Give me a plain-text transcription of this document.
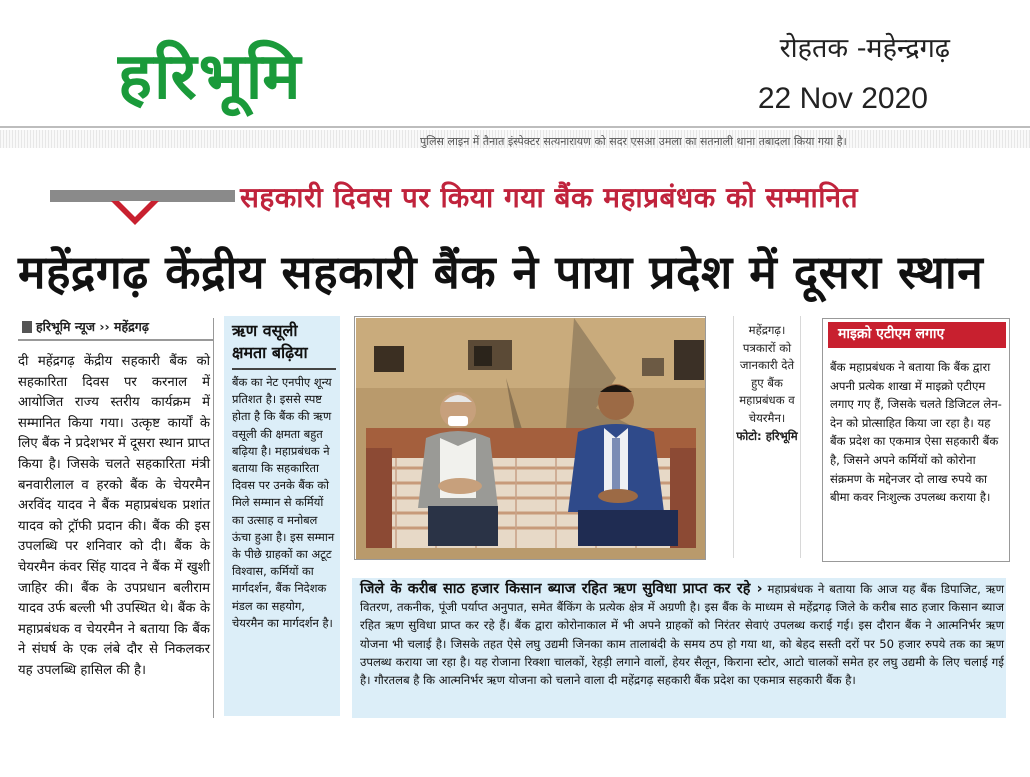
हरिभूमि	रोहतक -महेन्द्रगढ़
22 Nov 2020
पुलिस लाइन में तैनात इंस्पेक्टर सत्यनारायण को सदर एसआ उमला का सतनाली थाना तबादला किया गया है।
सहकारी दिवस पर किया गया बैंक महाप्रबंधक को सम्मानित
महेंद्रगढ़ केंद्रीय सहकारी बैंक ने पाया प्रदेश में दूसरा स्थान
हरिभूमि न्यूज ›› महेंद्रगढ़
दी महेंद्रगढ़ केंद्रीय सहकारी बैंक को सहकारिता दिवस पर करनाल में आयोजित राज्य स्तरीय कार्यक्रम में सम्मानित किया गया। उत्कृष्ट कार्यों के लिए बैंक ने प्रदेशभर में दूसरा स्थान प्राप्त किया है। जिसके चलते सहकारिता मंत्री बनवारीलाल व हरको बैंक के चेयरमैन अरविंद यादव ने बैंक महाप्रबंधक प्रशांत यादव को ट्रॉफी प्रदान की। बैंक की इस उपलब्धि पर शनिवार को दी। बैंक के चेयरमैन कंवर सिंह यादव ने बैंक में खुशी जाहिर की। बैंक के उपप्रधान बलीराम यादव उर्फ बल्ली भी उपस्थित थे। बैंक के महाप्रबंधक व चेयरमैन ने बताया कि बैंक ने संघर्ष के एक लंबे दौर से निकलकर यह उपलब्धि हासिल की है।
ऋण वसूली क्षमता बढ़िया
बैंक का नेट एनपीए शून्य प्रतिशत है। इससे स्पष्ट होता है कि बैंक की ऋण वसूली की क्षमता बहुत बढ़िया है। महाप्रबंधक ने बताया कि सहकारिता दिवस पर उनके बैंक को मिले सम्मान से कर्मियों का उत्साह व मनोबल ऊंचा हुआ है। इस सम्मान के पीछे ग्राहकों का अटूट विश्वास, कर्मियों का मार्गदर्शन, बैंक निदेशक मंडल का सहयोग, चेयरमैन का मार्गदर्शन है।
महेंद्रगढ़। पत्रकारों को जानकारी देते हुए बैंक महाप्रबंधक व चेयरमैन।
फोटो: हरिभूमि
माइक्रो एटीएम लगाए
बैंक महाप्रबंधक ने बताया कि बैंक द्वारा अपनी प्रत्येक शाखा में माइक्रो एटीएम लगाए गए हैं, जिसके चलते डिजिटल लेन-देन को प्रोत्साहित किया जा रहा है। यह बैंक प्रदेश का एकमात्र ऐसा सहकारी बैंक है, जिसने अपने कर्मियों को कोरोना संक्रमण के मद्देनजर दो लाख रुपये का बीमा कवर निःशुल्क उपलब्ध कराया है।
जिले के करीब साठ हजार किसान ब्याज रहित ऋण सुविधा प्राप्त कर रहे › महाप्रबंधक ने बताया कि आज यह बैंक डिपाजिट, ऋण वितरण, तकनीक, पूंजी पर्याप्त अनुपात, समेत बैंकिंग के प्रत्येक क्षेत्र में अग्रणी है। इस बैंक के माध्यम से महेंद्रगढ़ जिले के करीब साठ हजार किसान ब्याज रहित ऋण सुविधा प्राप्त कर रहे हैं। बैंक द्वारा कोरोनाकाल में भी अपने ग्राहकों को निरंतर सेवाएं उपलब्ध कराई गई। इस दौरान बैंक ने आत्मनिर्भर ऋण योजना भी चलाई है। जिसके तहत ऐसे लघु उद्यमी जिनका काम तालाबंदी के समय ठप हो गया था, को बेहद सस्ती दरों पर 50 हजार रुपये तक का ऋण उपलब्ध कराया जा रहा है। यह रोजाना रिक्शा चालकों, रेहड़ी लगाने वालों, हेयर सैलून, किराना स्टोर, आटो चालकों समेत हर लघु उद्यमी के लिए चलाई गई है। गौरतलब है कि आत्मनिर्भर ऋण योजना को चलाने वाला दी महेंद्रगढ़ सहकारी बैंक प्रदेश का एकमात्र सहकारी बैंक है।
